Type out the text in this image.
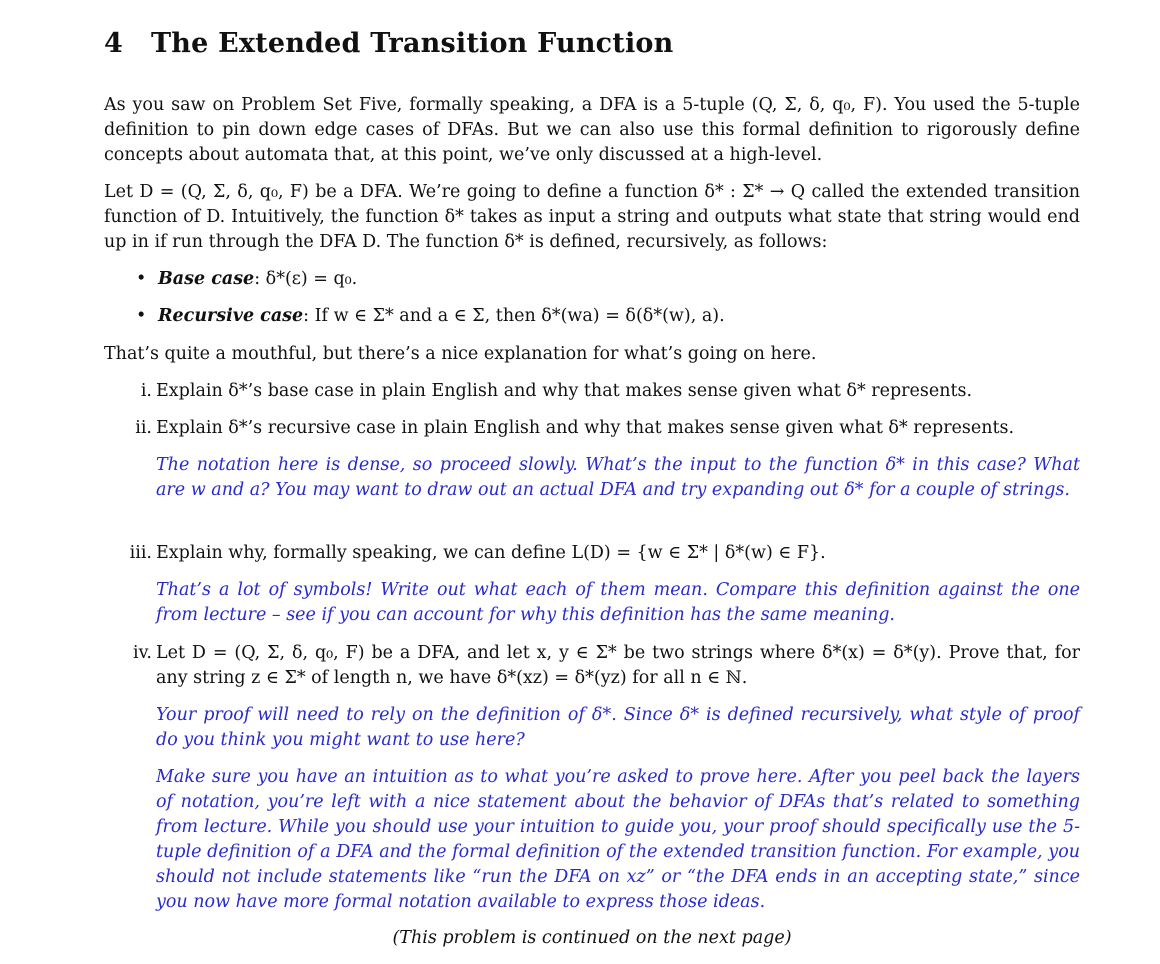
4 The Extended Transition Function

As you saw on Problem Set Five, formally speaking, a DFA is a 5-tuple (Q, Σ, δ, q₀, F). You used the 5-tuple definition to pin down edge cases of DFAs. But we can also use this formal definition to rigorously define concepts about automata that, at this point, we’ve only discussed at a high-level.

Let D = (Q, Σ, δ, q₀, F) be a DFA. We’re going to define a function δ* : Σ* → Q called the extended transition function of D. Intuitively, the function δ* takes as input a string and outputs what state that string would end up in if run through the DFA D. The function δ* is defined, recursively, as follows:

• Base case: δ*(ε) = q₀.
• Recursive case: If w ∈ Σ* and a ∈ Σ, then δ*(wa) = δ(δ*(w), a).

That’s quite a mouthful, but there’s a nice explanation for what’s going on here.

i. Explain δ*’s base case in plain English and why that makes sense given what δ* represents.
ii. Explain δ*’s recursive case in plain English and why that makes sense given what δ* represents.
The notation here is dense, so proceed slowly. What’s the input to the function δ* in this case? What are w and a? You may want to draw out an actual DFA and try expanding out δ* for a couple of strings.
iii. Explain why, formally speaking, we can define L(D) = {w ∈ Σ* | δ*(w) ∈ F}.
That’s a lot of symbols! Write out what each of them mean. Compare this definition against the one from lecture – see if you can account for why this definition has the same meaning.
iv. Let D = (Q, Σ, δ, q₀, F) be a DFA, and let x, y ∈ Σ* be two strings where δ*(x) = δ*(y). Prove that, for any string z ∈ Σ* of length n, we have δ*(xz) = δ*(yz) for all n ∈ ℕ.
Your proof will need to rely on the definition of δ*. Since δ* is defined recursively, what style of proof do you think you might want to use here?
Make sure you have an intuition as to what you’re asked to prove here. After you peel back the layers of notation, you’re left with a nice statement about the behavior of DFAs that’s related to something from lecture. While you should use your intuition to guide you, your proof should specifically use the 5-tuple definition of a DFA and the formal definition of the extended transition function. For example, you should not include statements like “run the DFA on xz” or “the DFA ends in an accepting state,” since you now have more formal notation available to express those ideas.
(This problem is continued on the next page)
